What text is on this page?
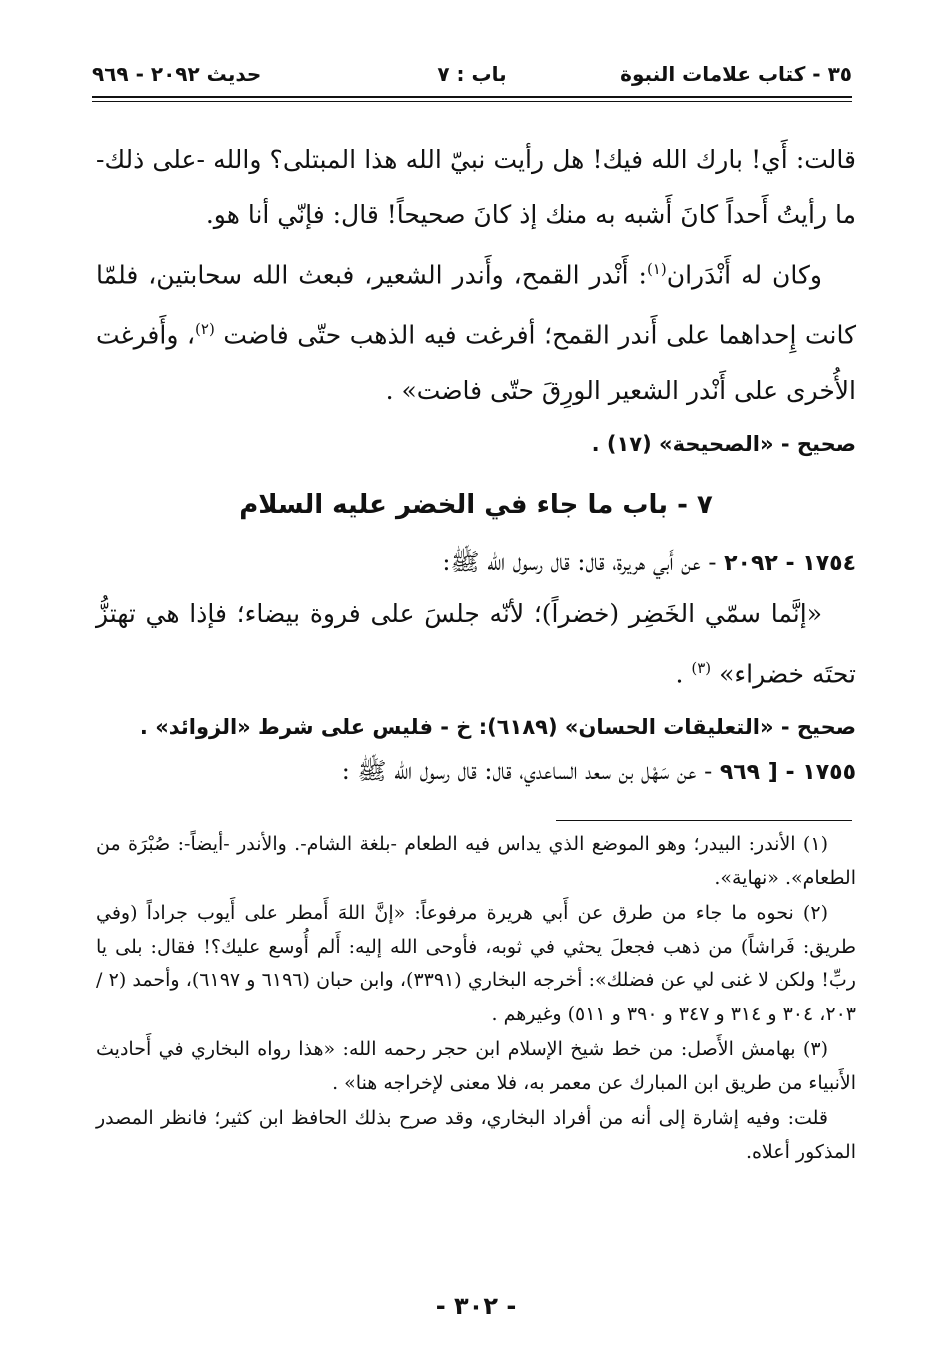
٣٥ - كتاب علامات النبوة
باب : ٧
حديث ٢٠٩٢ - ٩٦٩

قالت: أَي! بارك الله فيك! هل رأيت نبيّ الله هذا المبتلى؟ والله -على ذلك- ما رأيتُ أَحداً كانَ أَشبه به منك إذ كانَ صحيحاً! قال: فإنّي أنا هو.

وكان له أَنْدَران$^{(١)}$: أَنْدر القمح، وأَندر الشعير، فبعث الله سحابتين، فلمّا كانت إِحداهما على أَندر القمح؛ أفرغت فيه الذهب حتّى فاضت $^{(٢)}$، وأَفرغت الأُخرى على أَنْدر الشعير الورِقَ حتّى فاضت» .

صحيح - «الصحيحة» (١٧) .

٧ - باب ما جاء في الخضر عليه السلام

١٧٥٤ - ٢٠٩٢ - عن أَبي هريرة، قال: قال رسول الله ﷺ:

«إنَّما سمّي الخَضِر (خضراً)؛ لأنّه جلسَ على فروة بيضاء؛ فإذا هي تهتزُّ تحتَه خضراء» $^{(٣)}$ .

صحيح - «التعليقات الحسان» (٦١٨٩): خ - فليس على شرط «الزوائد» .

١٧٥٥ - [ ٩٦٩ - عن سَهْل بن سعد الساعدي، قال: قال رسول الله ﷺ :

(١) الأندر: البيدر؛ وهو الموضع الذي يداس فيه الطعام -بلغة الشام-. والأندر -أيضاً-: صُبْرَة من الطعام». «نهاية».

(٢) نحوه ما جاء من طرق عن أَبي هريرة مرفوعاً: «إنَّ اللهَ أَمطر على أَيوب جراداً (وفي طريق: فَراشاً) من ذهب فجعلَ يحثي في ثوبه، فأوحى الله إليه: أَلم أُوسع عليك؟! فقال: بلى يا ربِّ! ولكن لا غنى لي عن فضلك»: أخرجه البخاري (٣٣٩١)، وابن حبان (٦١٩٦ و ٦١٩٧)، وأحمد (٢ / ٢٠٣، ٣٠٤ و ٣١٤ و ٣٤٧ و ٣٩٠ و ٥١١) وغيرهم .

(٣) بهامش الأَصل: من خط شيخ الإسلام ابن حجر رحمه الله: «هذا رواه البخاري في أَحاديث الأَنبياء من طريق ابن المبارك عن معمر به، فلا معنى لإخراجه هنا» .

قلت: وفيه إشارة إلى أنه من أفراد البخاري، وقد صرح بذلك الحافظ ابن كثير؛ فانظر المصدر المذكور أعلاه.

- ٣٠٢ -
